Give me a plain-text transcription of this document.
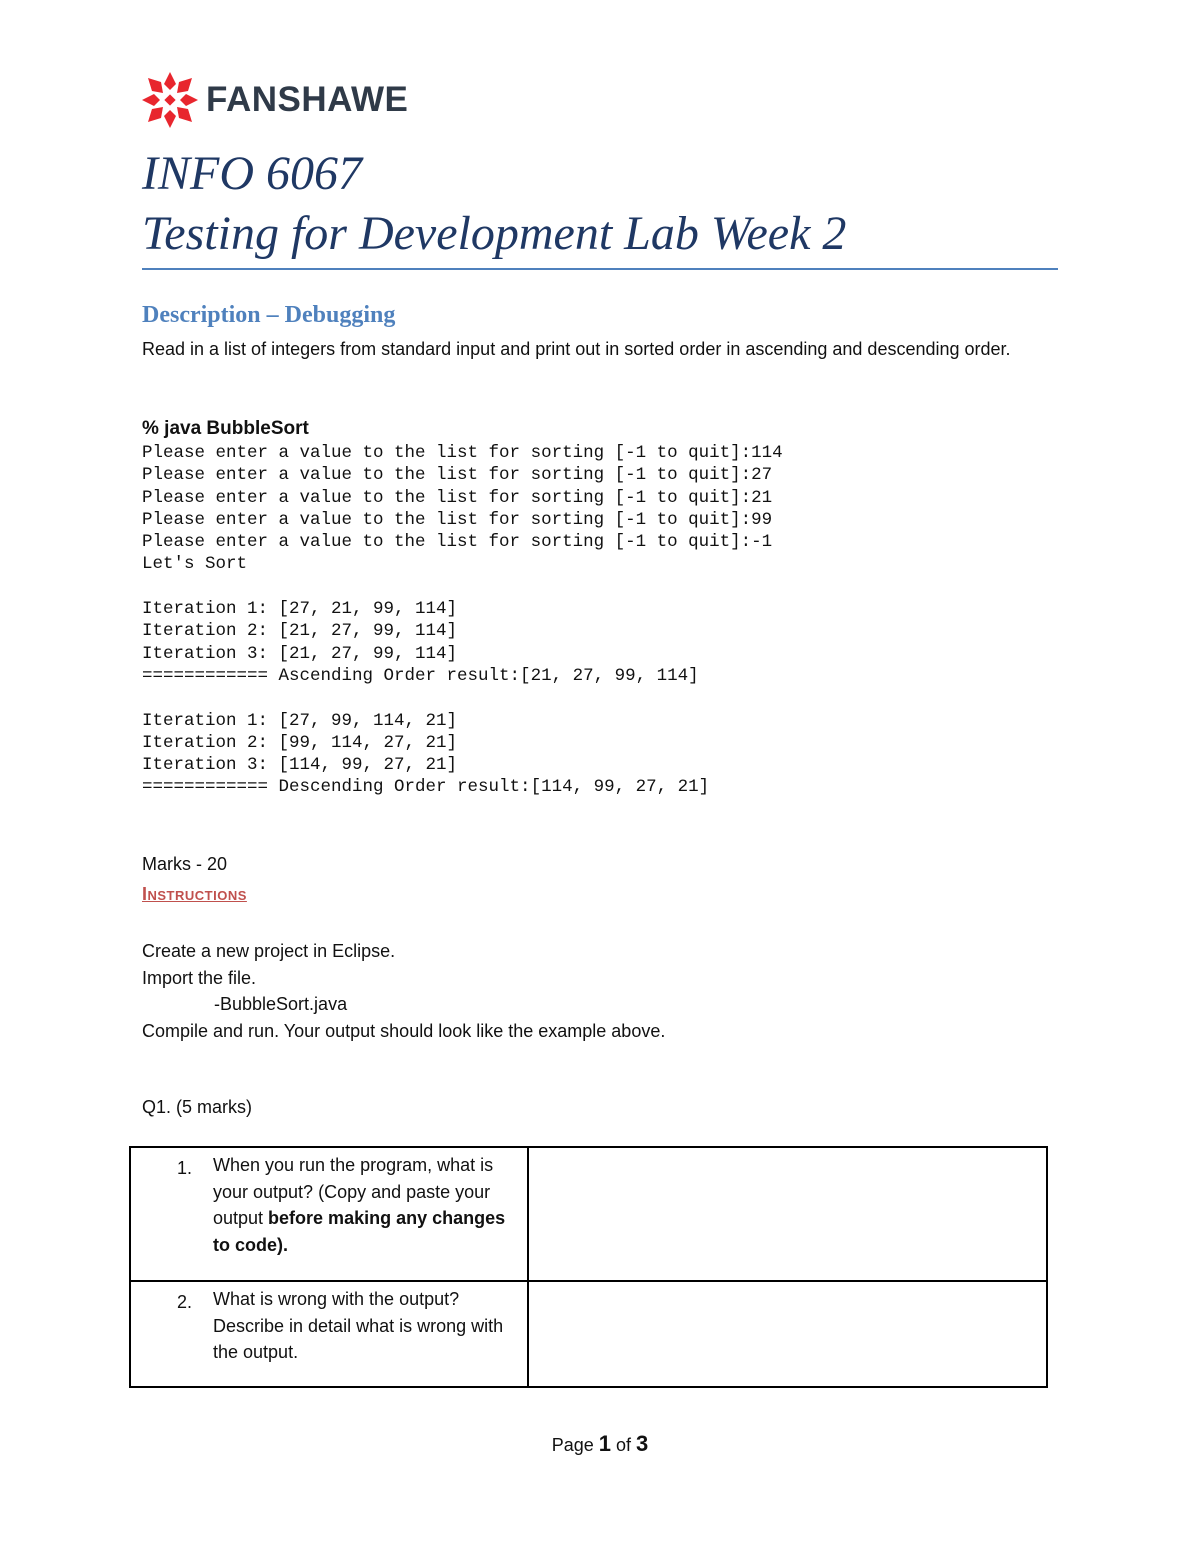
FANSHAWE
INFO 6067
Testing for Development Lab Week 2
Description – Debugging
Read in a list of integers from standard input and print out in sorted order in ascending and descending order.
% java BubbleSort
Please enter a value to the list for sorting [-1 to quit]:114
Please enter a value to the list for sorting [-1 to quit]:27
Please enter a value to the list for sorting [-1 to quit]:21
Please enter a value to the list for sorting [-1 to quit]:99
Please enter a value to the list for sorting [-1 to quit]:-1
Let's Sort
Iteration 1: [27, 21, 99, 114]
Iteration 2: [21, 27, 99, 114]
Iteration 3: [21, 27, 99, 114]
============ Ascending Order result:[21, 27, 99, 114]
Iteration 1: [27, 99, 114, 21]
Iteration 2: [99, 114, 27, 21]
Iteration 3: [114, 99, 27, 21]
============ Descending Order result:[114, 99, 27, 21]
Marks - 20
Instructions
Create a new project in Eclipse.
Import the file.
-BubbleSort.java
Compile and run. Your output should look like the example above.
Q1. (5 marks)
1. When you run the program, what is your output? (Copy and paste your output before making any changes to code).	

2. What is wrong with the output? Describe in detail what is wrong with the output.	

Page 1 of 3
